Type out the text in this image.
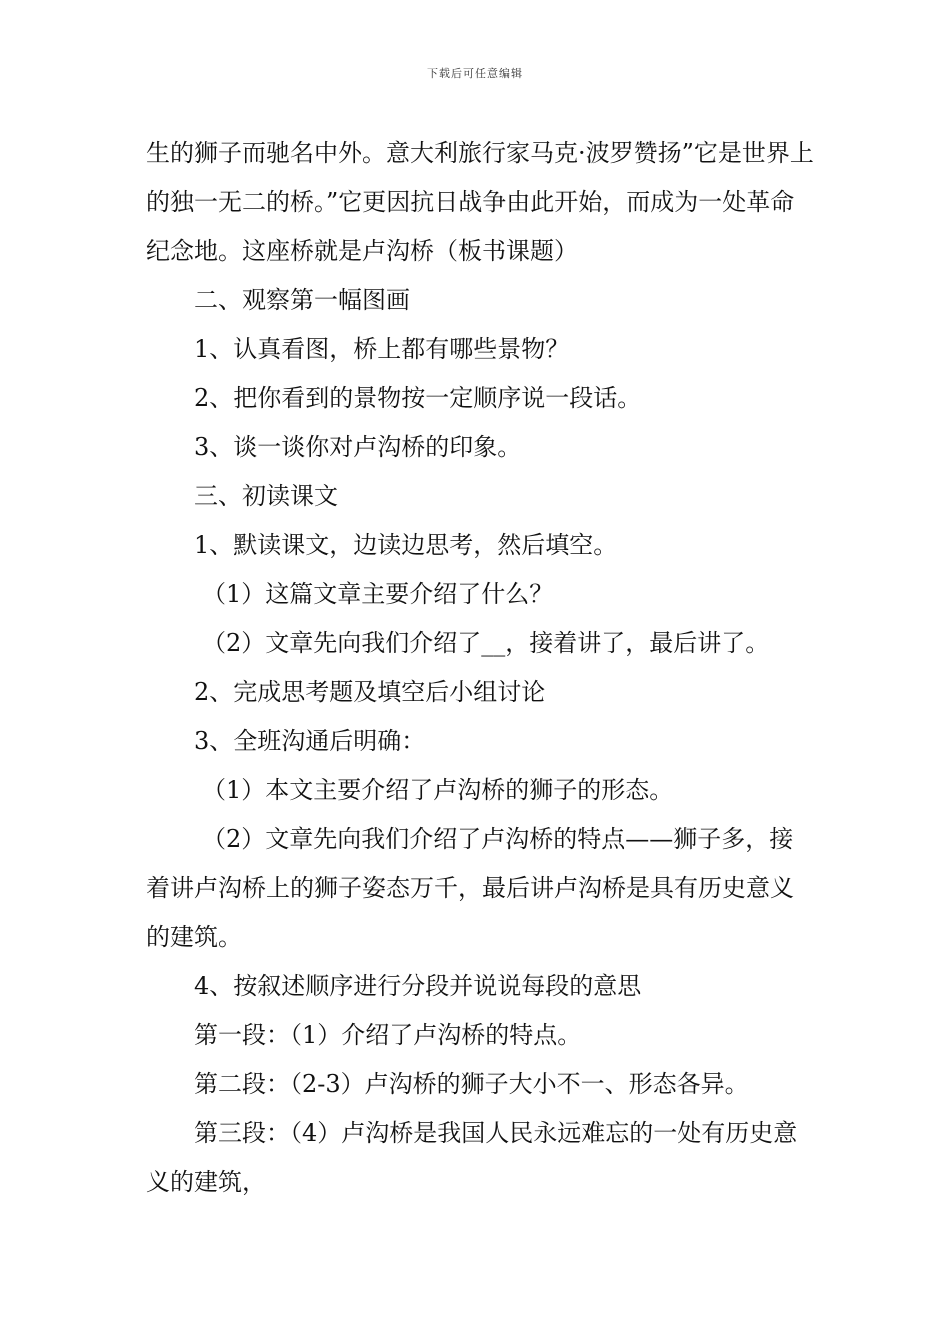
下载后可任意编辑

生的狮子而驰名中外。意大利旅行家马克·波罗赞扬”它是世界上的独一无二的桥。”它更因抗日战争由此开始，而成为一处革命纪念地。这座桥就是卢沟桥（板书课题）

二、观察第一幅图画

1、认真看图，桥上都有哪些景物？

2、把你看到的景物按一定顺序说一段话。

3、谈一谈你对卢沟桥的印象。

三、初读课文

1、默读课文，边读边思考，然后填空。

（1）这篇文章主要介绍了什么？

（2）文章先向我们介绍了__，接着讲了，最后讲了。

2、完成思考题及填空后小组讨论

3、全班沟通后明确：

（1）本文主要介绍了卢沟桥的狮子的形态。

（2）文章先向我们介绍了卢沟桥的特点——狮子多，接着讲卢沟桥上的狮子姿态万千，最后讲卢沟桥是具有历史意义的建筑。

4、按叙述顺序进行分段并说说每段的意思

第一段：（1）介绍了卢沟桥的特点。

第二段：（2-3）卢沟桥的狮子大小不一、形态各异。

第三段：（4）卢沟桥是我国人民永远难忘的一处有历史意义的建筑，
